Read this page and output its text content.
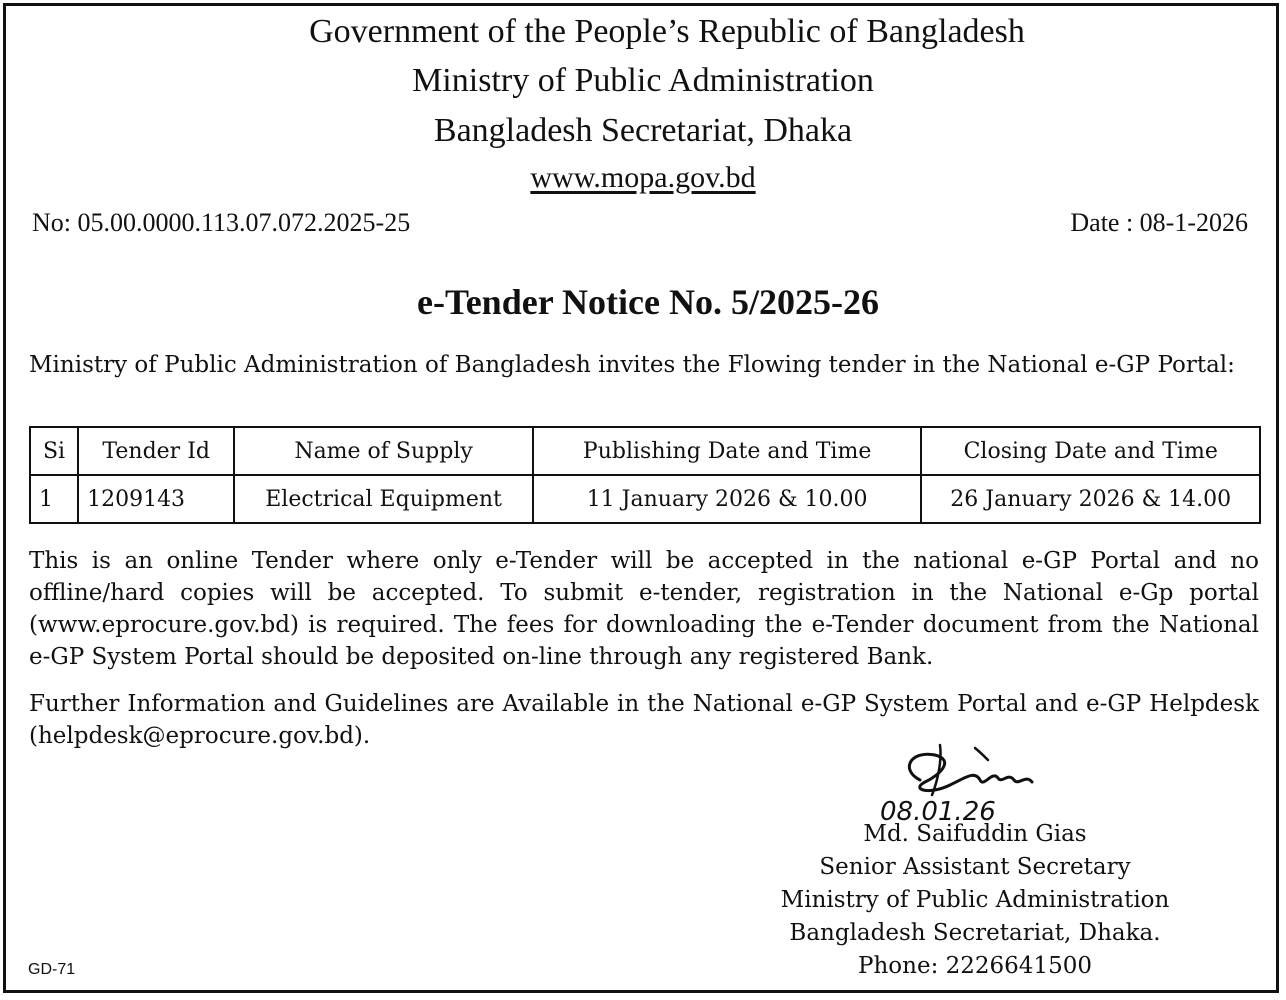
Government of the People’s Republic of Bangladesh
Ministry of Public Administration
Bangladesh Secretariat, Dhaka
www.mopa.gov.bd
No: 05.00.0000.113.07.072.2025-25	Date : 08-1-2026
e-Tender Notice No. 5/2025-26
Ministry of Public Administration of Bangladesh invites the Flowing tender in the National e-GP Portal:
Si	Tender Id	Name of Supply	Publishing Date and Time	Closing Date and Time
1	1209143	Electrical Equipment	11 January 2026 & 10.00	26 January 2026 & 14.00
This is an online Tender where only e-Tender will be accepted in the national e-GP Portal and no offline/hard copies will be accepted. To submit e-tender, registration in the National e-Gp portal (www.eprocure.gov.bd) is required. The fees for downloading the e-Tender document from the National e-GP System Portal should be deposited on-line through any registered Bank.
Further Information and Guidelines are Available in the National e-GP System Portal and e-GP Helpdesk (helpdesk@eprocure.gov.bd).
08.01.26
Md. Saifuddin Gias
Senior Assistant Secretary
Ministry of Public Administration
Bangladesh Secretariat, Dhaka.
Phone: 2226641500
GD-71
